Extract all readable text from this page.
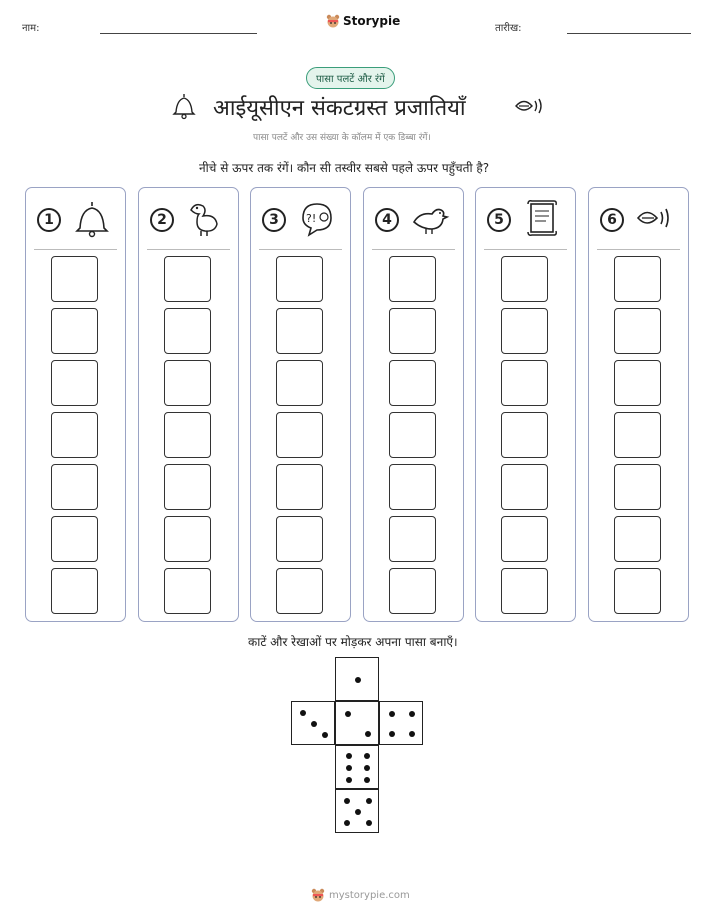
नाम:
Storypie
तारीख:
पासा पलटें और रंगें
आईयूसीएन संकटग्रस्त प्रजातियाँ
पासा पलटें और उस संख्या के कॉलम में एक डिब्बा रंगें।
नीचे से ऊपर तक रंगें। कौन सी तस्वीर सबसे पहले ऊपर पहुँचती है?
1	2	3	?!	4	5	6
काटें और रेखाओं पर मोड़कर अपना पासा बनाएँ।
mystorypie.com
